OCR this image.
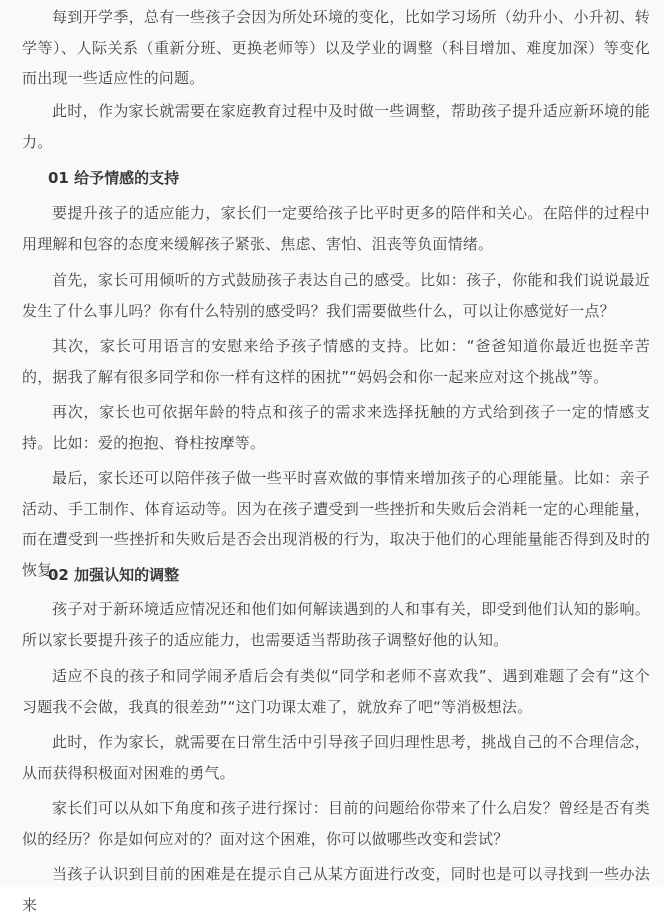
每到开学季，总有一些孩子会因为所处环境的变化，比如学习场所（幼升小、小升初、转学等）、人际关系（重新分班、更换老师等）以及学业的调整（科目增加、难度加深）等变化而出现一些适应性的问题。

此时，作为家长就需要在家庭教育过程中及时做一些调整，帮助孩子提升适应新环境的能力。

01 给予情感的支持

要提升孩子的适应能力，家长们一定要给孩子比平时更多的陪伴和关心。在陪伴的过程中用理解和包容的态度来缓解孩子紧张、焦虑、害怕、沮丧等负面情绪。

首先，家长可用倾听的方式鼓励孩子表达自己的感受。比如：孩子，你能和我们说说最近发生了什么事儿吗？你有什么特别的感受吗？我们需要做些什么，可以让你感觉好一点？

其次，家长可用语言的安慰来给予孩子情感的支持。比如：“爸爸知道你最近也挺辛苦的，据我了解有很多同学和你一样有这样的困扰”“妈妈会和你一起来应对这个挑战”等。

再次，家长也可依据年龄的特点和孩子的需求来选择抚触的方式给到孩子一定的情感支持。比如：爱的抱抱、脊柱按摩等。

最后，家长还可以陪伴孩子做一些平时喜欢做的事情来增加孩子的心理能量。比如：亲子活动、手工制作、体育运动等。因为在孩子遭受到一些挫折和失败后会消耗一定的心理能量，而在遭受到一些挫折和失败后是否会出现消极的行为，取决于他们的心理能量能否得到及时的恢复。

02 加强认知的调整

孩子对于新环境适应情况还和他们如何解读遇到的人和事有关，即受到他们认知的影响。所以家长要提升孩子的适应能力，也需要适当帮助孩子调整好他的认知。

适应不良的孩子和同学闹矛盾后会有类似“同学和老师不喜欢我”、遇到难题了会有“这个习题我不会做，我真的很差劲”“这门功课太难了，就放弃了吧“等消极想法。

此时，作为家长，就需要在日常生活中引导孩子回归理性思考，挑战自己的不合理信念，从而获得积极面对困难的勇气。

家长们可以从如下角度和孩子进行探讨：目前的问题给你带来了什么启发？曾经是否有类似的经历？你是如何应对的？面对这个困难，你可以做哪些改变和尝试？

当孩子认识到目前的困难是在提示自己从某方面进行改变，同时也是可以寻找到一些办法来
